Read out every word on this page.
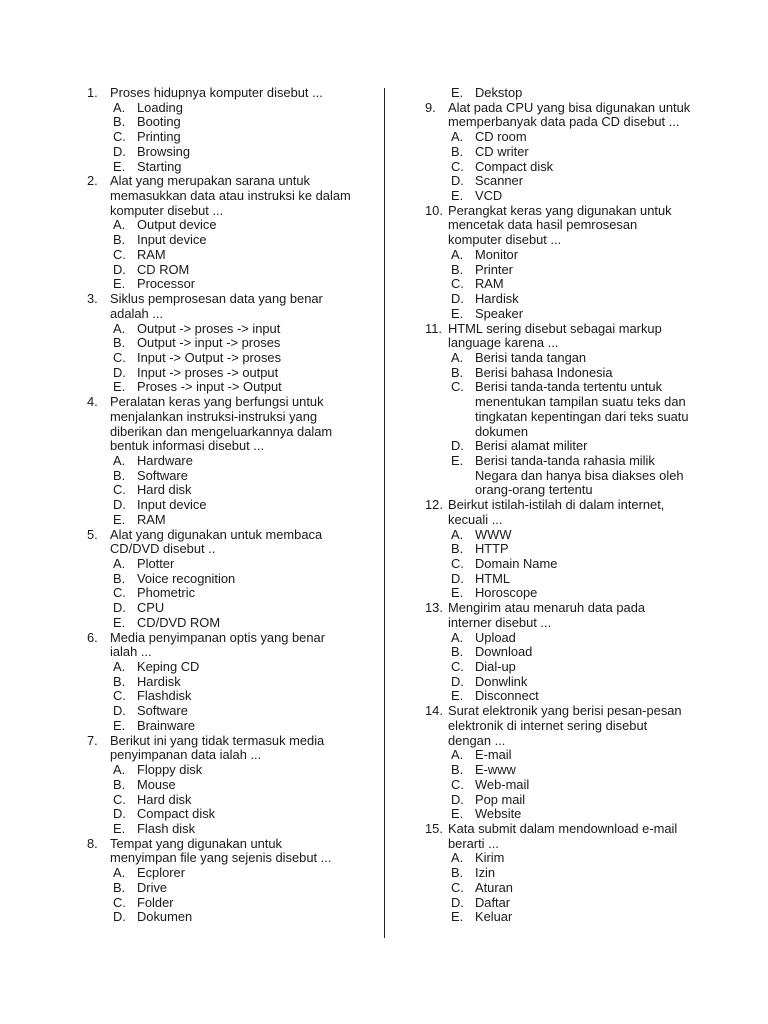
1. Proses hidupnya komputer disebut ...
A. Loading
B. Booting
C. Printing
D. Browsing
E. Starting
2. Alat yang merupakan sarana untuk
memasukkan data atau instruksi ke dalam
komputer disebut ...
A. Output device
B. Input device
C. RAM
D. CD ROM
E. Processor
3. Siklus pemprosesan data yang benar
adalah ...
A. Output -> proses -> input
B. Output -> input -> proses
C. Input -> Output -> proses
D. Input -> proses -> output
E. Proses -> input -> Output
4. Peralatan keras yang berfungsi untuk
menjalankan instruksi-instruksi yang
diberikan dan mengeluarkannya dalam
bentuk informasi disebut ...
A. Hardware
B. Software
C. Hard disk
D. Input device
E. RAM
5. Alat yang digunakan untuk membaca
CD/DVD disebut ..
A. Plotter
B. Voice recognition
C. Phometric
D. CPU
E. CD/DVD ROM
6. Media penyimpanan optis yang benar
ialah ...
A. Keping CD
B. Hardisk
C. Flashdisk
D. Software
E. Brainware
7. Berikut ini yang tidak termasuk media
penyimpanan data ialah ...
A. Floppy disk
B. Mouse
C. Hard disk
D. Compact disk
E. Flash disk
8. Tempat yang digunakan untuk
menyimpan file yang sejenis disebut ...
A. Ecplorer
B. Drive
C. Folder
D. Dokumen
E. Dekstop
9. Alat pada CPU yang bisa digunakan untuk
memperbanyak data pada CD disebut ...
A. CD room
B. CD writer
C. Compact disk
D. Scanner
E. VCD
10. Perangkat keras yang digunakan untuk
mencetak data hasil pemrosesan
komputer disebut ...
A. Monitor
B. Printer
C. RAM
D. Hardisk
E. Speaker
11. HTML sering disebut sebagai markup
language karena ...
A. Berisi tanda tangan
B. Berisi bahasa Indonesia
C. Berisi tanda-tanda tertentu untuk
menentukan tampilan suatu teks dan
tingkatan kepentingan dari teks suatu
dokumen
D. Berisi alamat militer
E. Berisi tanda-tanda rahasia milik
Negara dan hanya bisa diakses oleh
orang-orang tertentu
12. Beirkut istilah-istilah di dalam internet,
kecuali ...
A. WWW
B. HTTP
C. Domain Name
D. HTML
E. Horoscope
13. Mengirim atau menaruh data pada
interner disebut ...
A. Upload
B. Download
C. Dial-up
D. Donwlink
E. Disconnect
14. Surat elektronik yang berisi pesan-pesan
elektronik di internet sering disebut
dengan ...
A. E-mail
B. E-www
C. Web-mail
D. Pop mail
E. Website
15. Kata submit dalam mendownload e-mail
berarti ...
A. Kirim
B. Izin
C. Aturan
D. Daftar
E. Keluar
